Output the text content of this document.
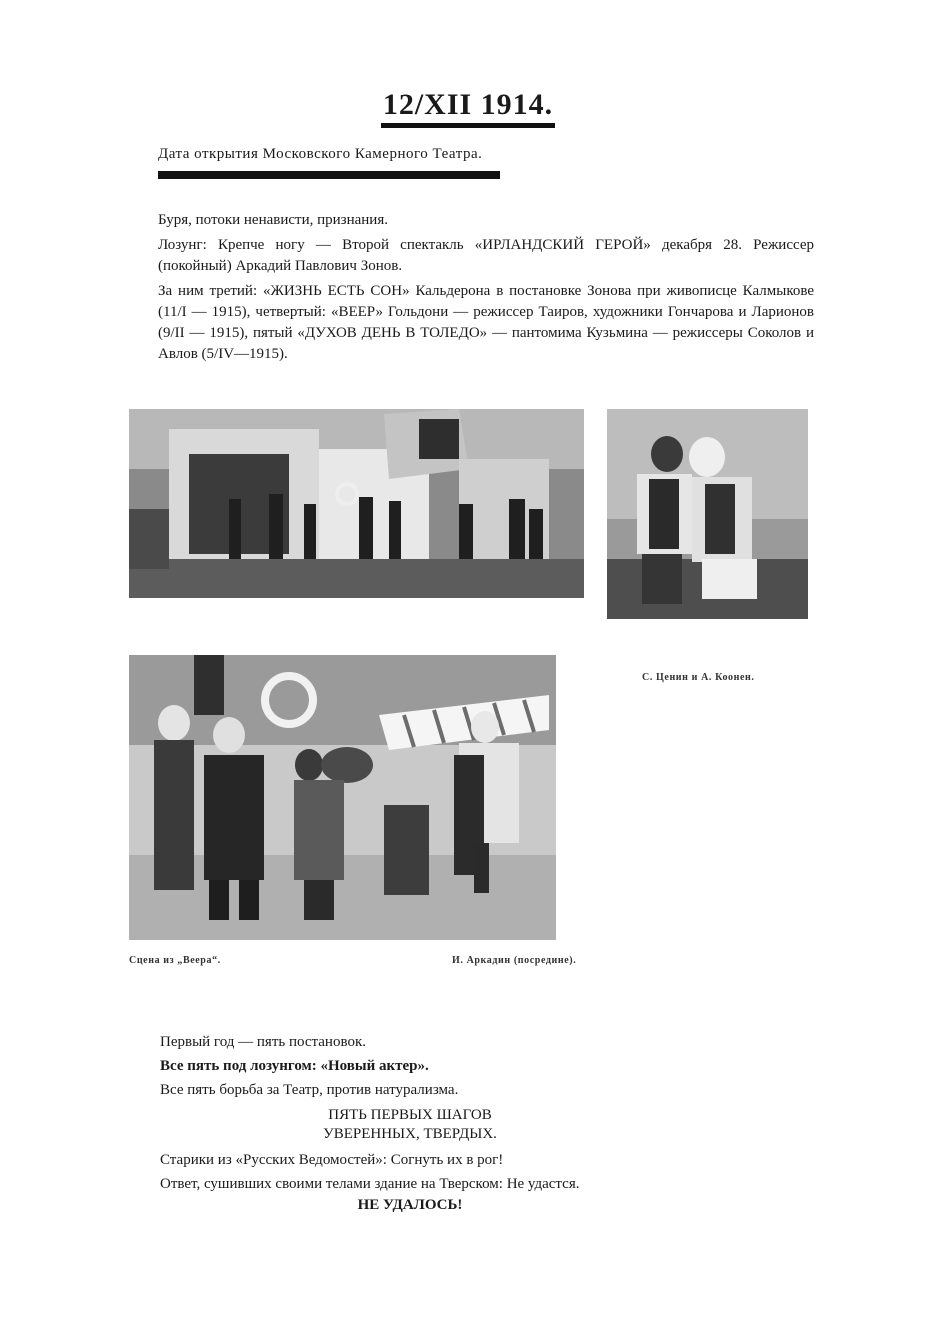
12/XII 1914.
Дата открытия Московского Камерного Театра.

Буря, потоки ненависти, признания.

Лозунг: Крепче ногу — Второй спектакль «ИРЛАНДСКИЙ ГЕРОЙ» декабря 28. Режиссер (покойный) Аркадий Павлович Зонов.

За ним третий: «ЖИЗНЬ ЕСТЬ СОН» Кальдерона в постановке Зонова при живописце Калмыкове (11/I — 1915), четвертый: «ВЕЕР» Гольдони — режиссер Таиров, художники Гончарова и Ларионов (9/II — 1915), пятый «ДУХОВ ДЕНЬ В ТОЛЕДО» — пантомима Кузьмина — режиссеры Соколов и Авлов (5/IV—1915).

С. Ценин и А. Коонен.
Сцена из „Веера“.	И. Аркадин (посредине).
Первый год — пять постановок.
Все пять под лозунгом: «Новый актер».
Все пять борьба за Театр, против натурализма.
ПЯТЬ ПЕРВЫХ ШАГОВ
УВЕРЕННЫХ, ТВЕРДЫХ.
Старики из «Русских Ведомостей»: Согнуть их в рог!
Ответ, сушивших своими телами здание на Тверском: Не удастся.
НЕ УДАЛОСЬ!
